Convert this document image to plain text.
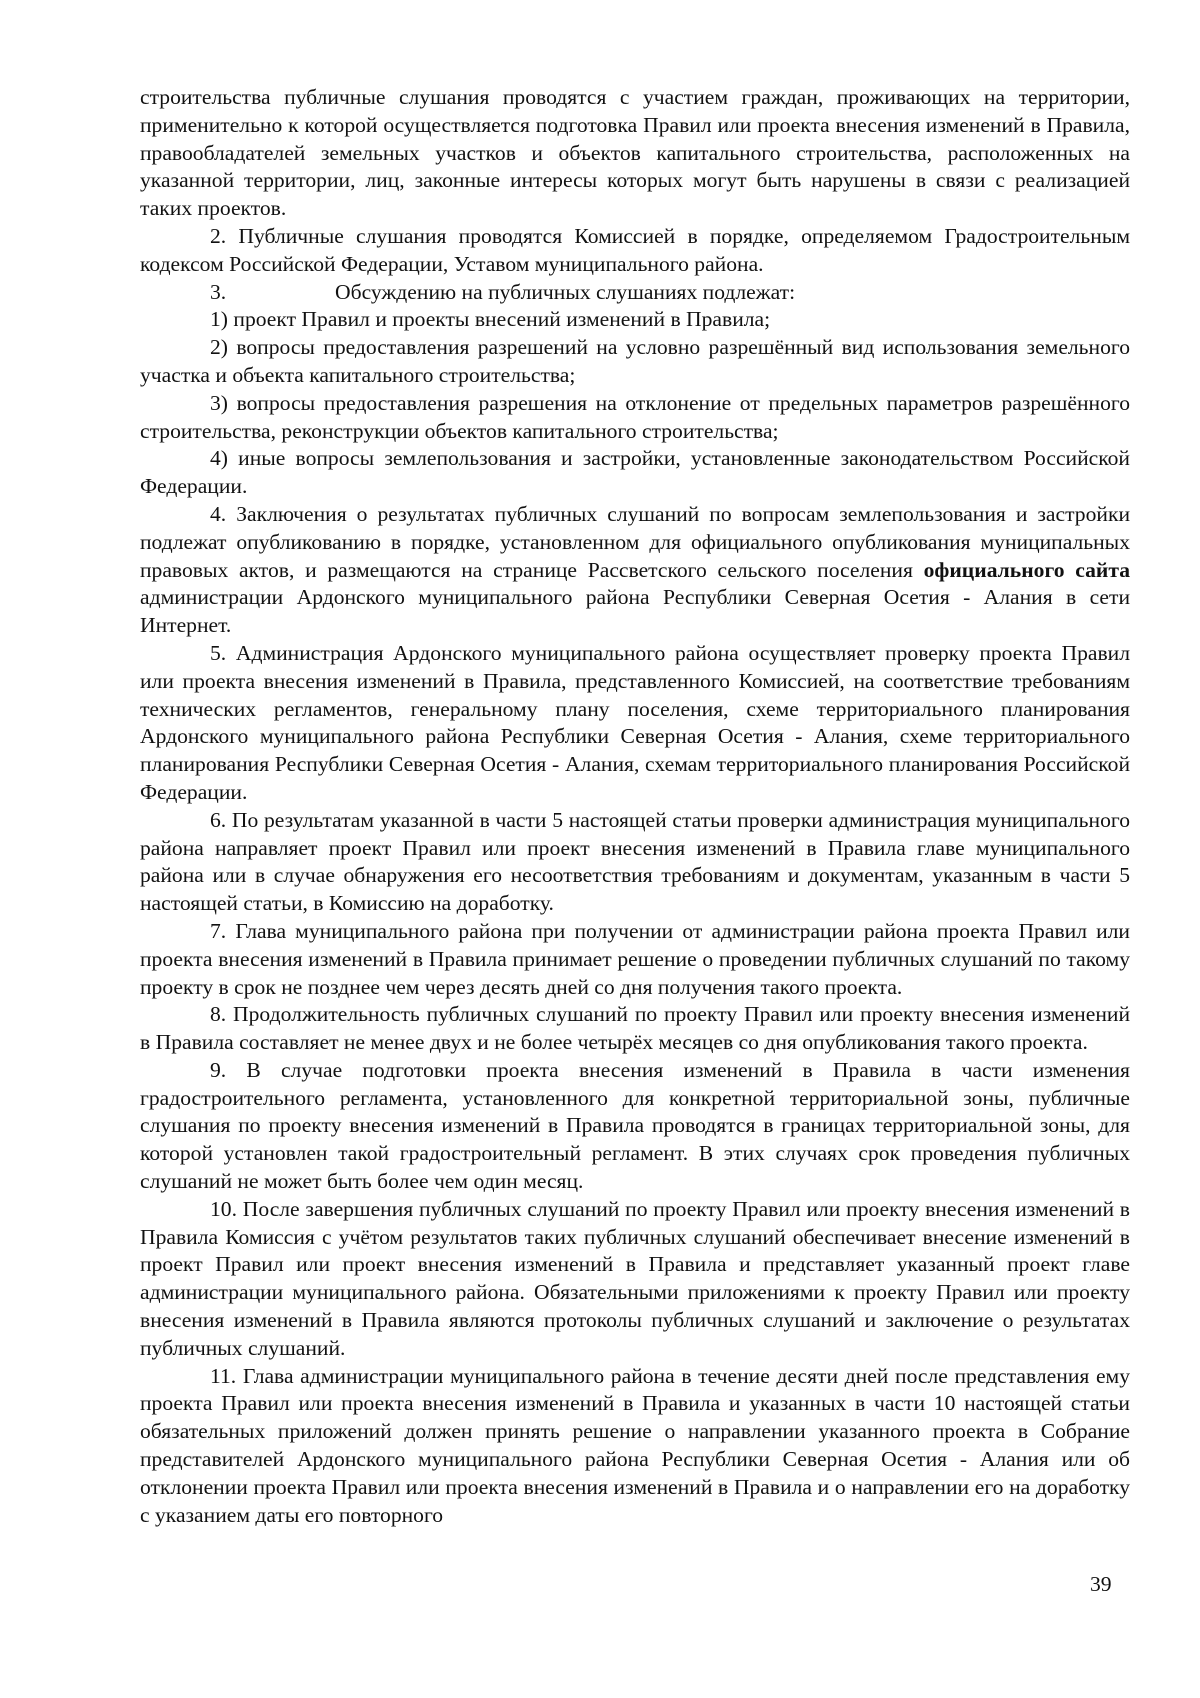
строительства публичные слушания проводятся с участием граждан, проживающих на территории, применительно к которой осуществляется подготовка Правил или проекта внесения изменений в Правила, правообладателей земельных участков и объектов капитального строительства, расположенных на указанной территории, лиц, законные интересы которых могут быть нарушены в связи с реализацией таких проектов.

2. Публичные слушания проводятся Комиссией в порядке, определяемом Градостроительным кодексом Российской Федерации, Уставом муниципального района.

3.	Обсуждению на публичных слушаниях подлежат:

1) проект Правил и проекты внесений изменений в Правила;

2) вопросы предоставления разрешений на условно разрешённый вид использования земельного участка и объекта капитального строительства;

3) вопросы предоставления разрешения на отклонение от предельных параметров разрешённого строительства, реконструкции объектов капитального строительства;

4) иные вопросы землепользования и застройки, установленные законодательством Российской Федерации.

4. Заключения о результатах публичных слушаний по вопросам землепользования и застройки подлежат опубликованию в порядке, установленном для официального опубликования муниципальных правовых актов, и размещаются на странице Рассветского сельского поселения официального сайта администрации Ардонского муниципального района Республики Северная Осетия - Алания в сети Интернет.

5. Администрация Ардонского муниципального района осуществляет проверку проекта Правил или проекта внесения изменений в Правила, представленного Комиссией, на соответствие требованиям технических регламентов, генеральному плану поселения, схеме территориального планирования Ардонского муниципального района Республики Северная Осетия - Алания, схеме территориального планирования Республики Северная Осетия - Алания, схемам территориального планирования Российской Федерации.

6. По результатам указанной в части 5 настоящей статьи проверки администрация муниципального района направляет проект Правил или проект внесения изменений в Правила главе муниципального района или в случае обнаружения его несоответствия требованиям и документам, указанным в части 5 настоящей статьи, в Комиссию на доработку.

7. Глава муниципального района при получении от администрации района проекта Правил или проекта внесения изменений в Правила принимает решение о проведении публичных слушаний по такому проекту в срок не позднее чем через десять дней со дня получения такого проекта.

8. Продолжительность публичных слушаний по проекту Правил или проекту внесения изменений в Правила составляет не менее двух и не более четырёх месяцев со дня опубликования такого проекта.

9. В случае подготовки проекта внесения изменений в Правила в части изменения градостроительного регламента, установленного для конкретной территориальной зоны, публичные слушания по проекту внесения изменений в Правила проводятся в границах территориальной зоны, для которой установлен такой градостроительный регламент. В этих случаях срок проведения публичных слушаний не может быть более чем один месяц.

10. После завершения публичных слушаний по проекту Правил или проекту внесения изменений в Правила Комиссия с учётом результатов таких публичных слушаний обеспечивает внесение изменений в проект Правил или проект внесения изменений в Правила и представляет указанный проект главе администрации муниципального района. Обязательными приложениями к проекту Правил или проекту внесения изменений в Правила являются протоколы публичных слушаний и заключение о результатах публичных слушаний.

11. Глава администрации муниципального района в течение десяти дней после представления ему проекта Правил или проекта внесения изменений в Правила и указанных в части 10 настоящей статьи обязательных приложений должен принять решение о направлении указанного проекта в Собрание представителей Ардонского муниципального района Республики Северная Осетия - Алания или об отклонении проекта Правил или проекта внесения изменений в Правила и о направлении его на доработку с указанием даты его повторного

39
